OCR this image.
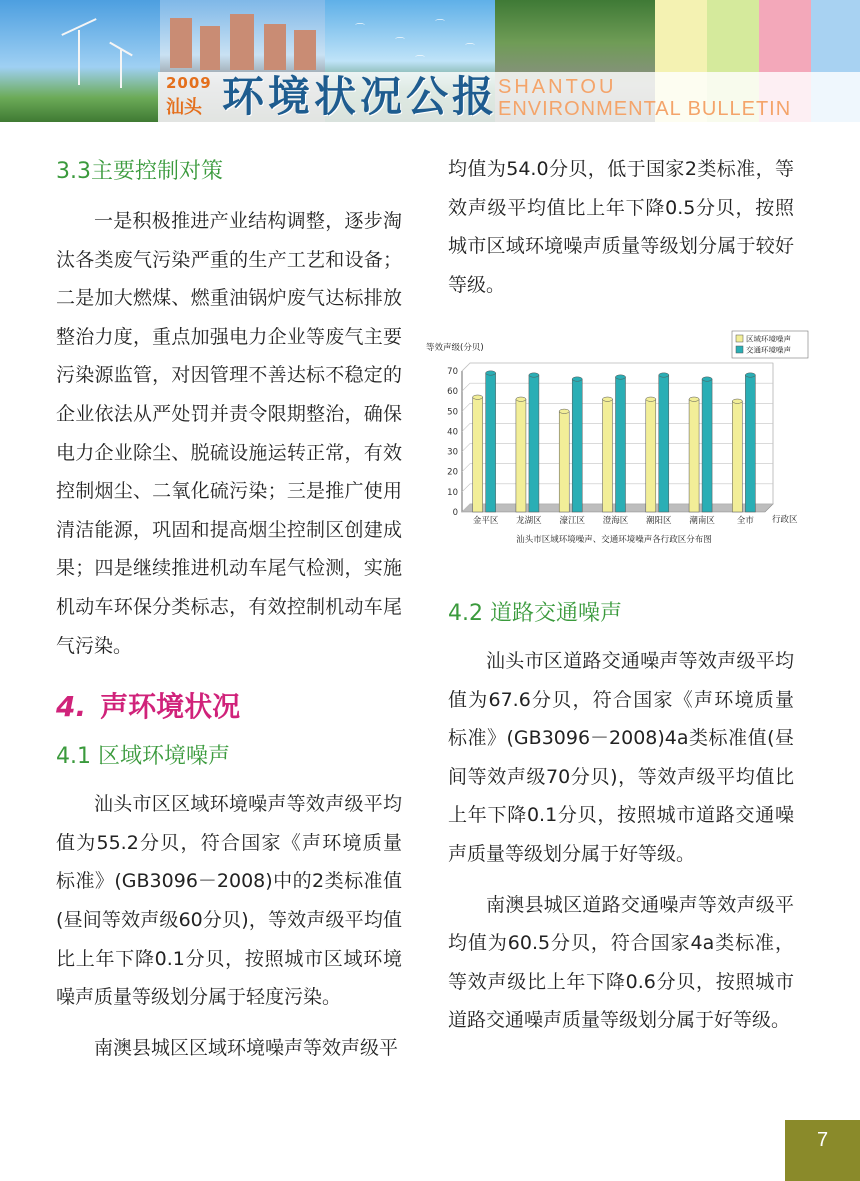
⌒
⌒
⌒
⌒
⌒
2009
汕头 环境状况公报 SHANTOU
ENVIRONMENTAL BULLETIN
3.3主要控制对策

一是积极推进产业结构调整，逐步淘汰各类废气污染严重的生产工艺和设备；二是加大燃煤、燃重油锅炉废气达标排放整治力度，重点加强电力企业等废气主要污染源监管，对因管理不善达标不稳定的企业依法从严处罚并责令限期整治，确保电力企业除尘、脱硫设施运转正常，有效控制烟尘、二氧化硫污染；三是推广使用清洁能源，巩固和提高烟尘控制区创建成果；四是继续推进机动车尾气检测，实施机动车环保分类标志，有效控制机动车尾气污染。

4. 声环境状况
4.1 区域环境噪声

汕头市区区域环境噪声等效声级平均值为55.2分贝，符合国家《声环境质量标准》(GB3096－2008)中的2类标准值(昼间等效声级60分贝)，等效声级平均值比上年下降0.1分贝，按照城市区域环境噪声质量等级划分属于轻度污染。

南澳县城区区域环境噪声等效声级平

均值为54.0分贝，低于国家2类标准，等效声级平均值比上年下降0.5分贝，按照城市区域环境噪声质量等级划分属于较好等级。

4.2 道路交通噪声

汕头市区道路交通噪声等效声级平均值为67.6分贝，符合国家《声环境质量标准》(GB3096－2008)4a类标准值(昼间等效声级70分贝)，等效声级平均值比上年下降0.1分贝，按照城市道路交通噪声质量等级划分属于好等级。

南澳县城区道路交通噪声等效声级平均值为60.5分贝，符合国家4a类标准，等效声级比上年下降0.6分贝，按照城市道路交通噪声质量等级划分属于好等级。

0
10
20
30
40
50
60
70
金平区 龙湖区 濠江区 澄海区 潮阳区 潮南区	全市
等效声级(分贝)
行政区
汕头市区域环境噪声、交通环境噪声各行政区分布图
区域环境噪声
交通环境噪声
7
